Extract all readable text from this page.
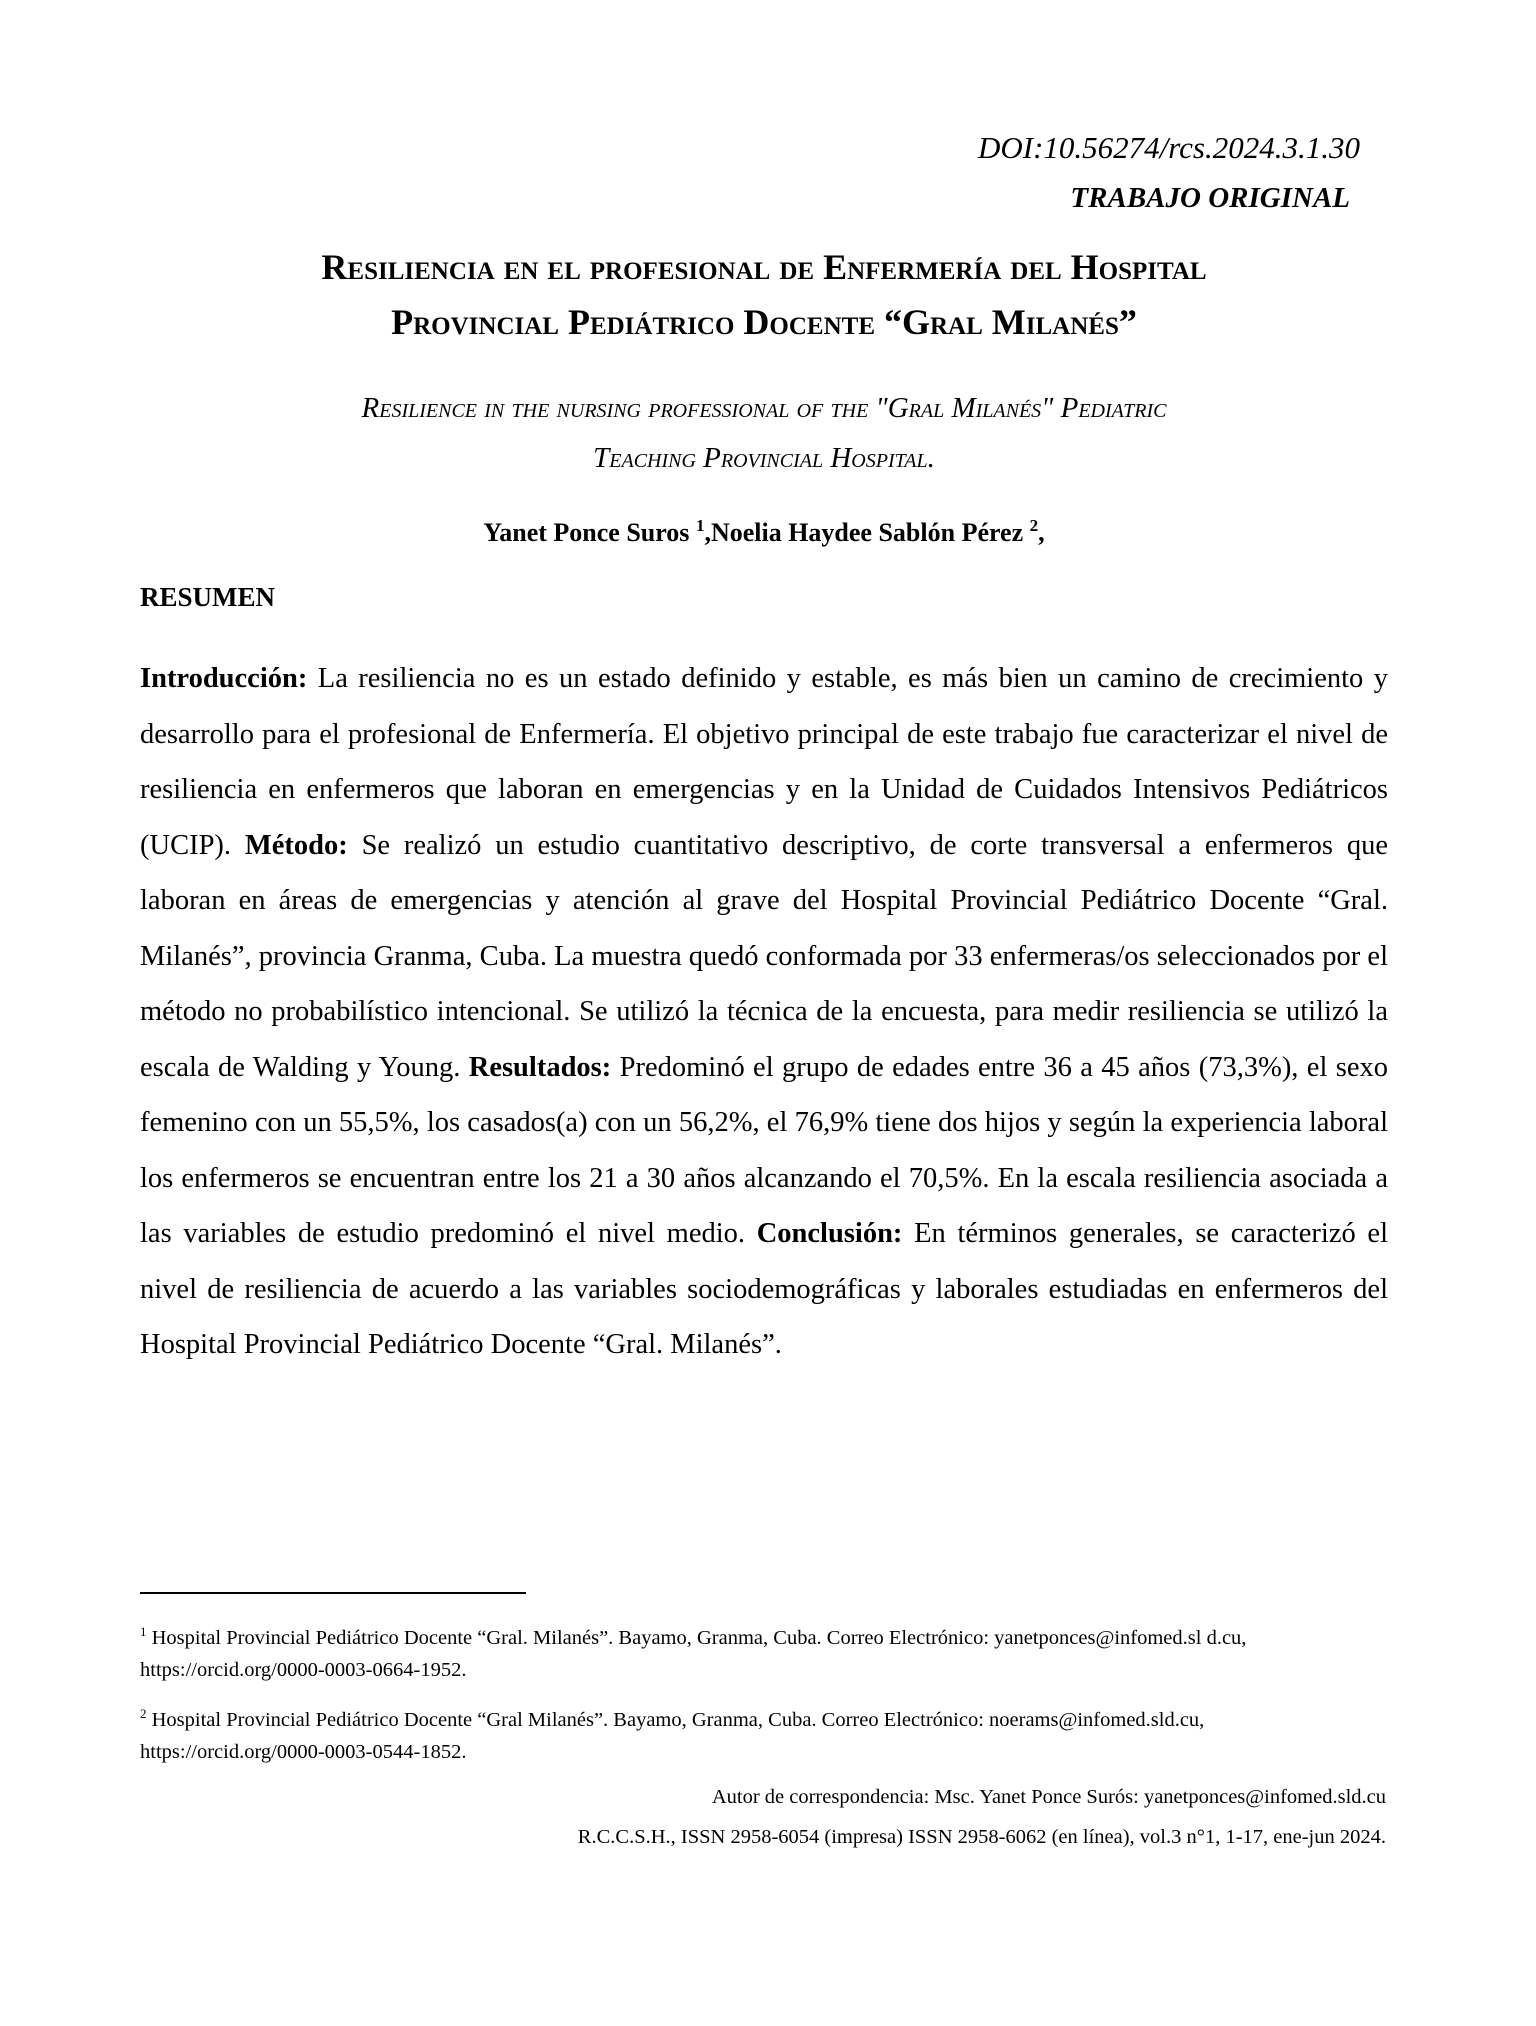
DOI:10.56274/rcs.2024.3.1.30
TRABAJO ORIGINAL
Resiliencia en el profesional de Enfermería del Hospital
Provincial Pediátrico Docente “Gral Milanés”
Resilience in the nursing professional of the "Gral Milanés" Pediatric
Teaching Provincial Hospital.
Yanet Ponce Suros $^1$,Noelia Haydee Sablón Pérez $^2$,
RESUMEN

Introducción: La resiliencia no es un estado definido y estable, es más bien un camino de crecimiento y desarrollo para el profesional de Enfermería. El objetivo principal de este trabajo fue caracterizar el nivel de resiliencia en enfermeros que laboran en emergencias y en la Unidad de Cuidados Intensivos Pediátricos (UCIP). Método: Se realizó un estudio cuantitativo descriptivo, de corte transversal a enfermeros que laboran en áreas de emergencias y atención al grave del Hospital Provincial Pediátrico Docente “Gral. Milanés”, provincia Granma, Cuba. La muestra quedó conformada por 33 enfermeras/os seleccionados por el método no probabilístico intencional. Se utilizó la técnica de la encuesta, para medir resiliencia se utilizó la escala de Walding y Young. Resultados: Predominó el grupo de edades entre 36 a 45 años (73,3%), el sexo femenino con un 55,5%, los casados(a) con un 56,2%, el 76,9% tiene dos hijos y según la experiencia laboral los enfermeros se encuentran entre los 21 a 30 años alcanzando el 70,5%. En la escala resiliencia asociada a las variables de estudio predominó el nivel medio. Conclusión: En términos generales, se caracterizó el nivel de resiliencia de acuerdo a las variables sociodemográficas y laborales estudiadas en enfermeros del Hospital Provincial Pediátrico Docente “Gral. Milanés”.

$^1$ Hospital Provincial Pediátrico Docente “Gral. Milanés”. Bayamo, Granma, Cuba. Correo Electrónico: yanetponces@infomed.sl d.cu, https://orcid.org/0000-0003-0664-1952.

$^2$ Hospital Provincial Pediátrico Docente “Gral Milanés”. Bayamo, Granma, Cuba. Correo Electrónico: noerams@infomed.sld.cu, https://orcid.org/0000-0003-0544-1852.

Autor de correspondencia: Msc. Yanet Ponce Surós: yanetponces@infomed.sld.cu
R.C.C.S.H., ISSN 2958-6054 (impresa) ISSN 2958-6062 (en línea), vol.3 n°1, 1-17, ene-jun 2024.
